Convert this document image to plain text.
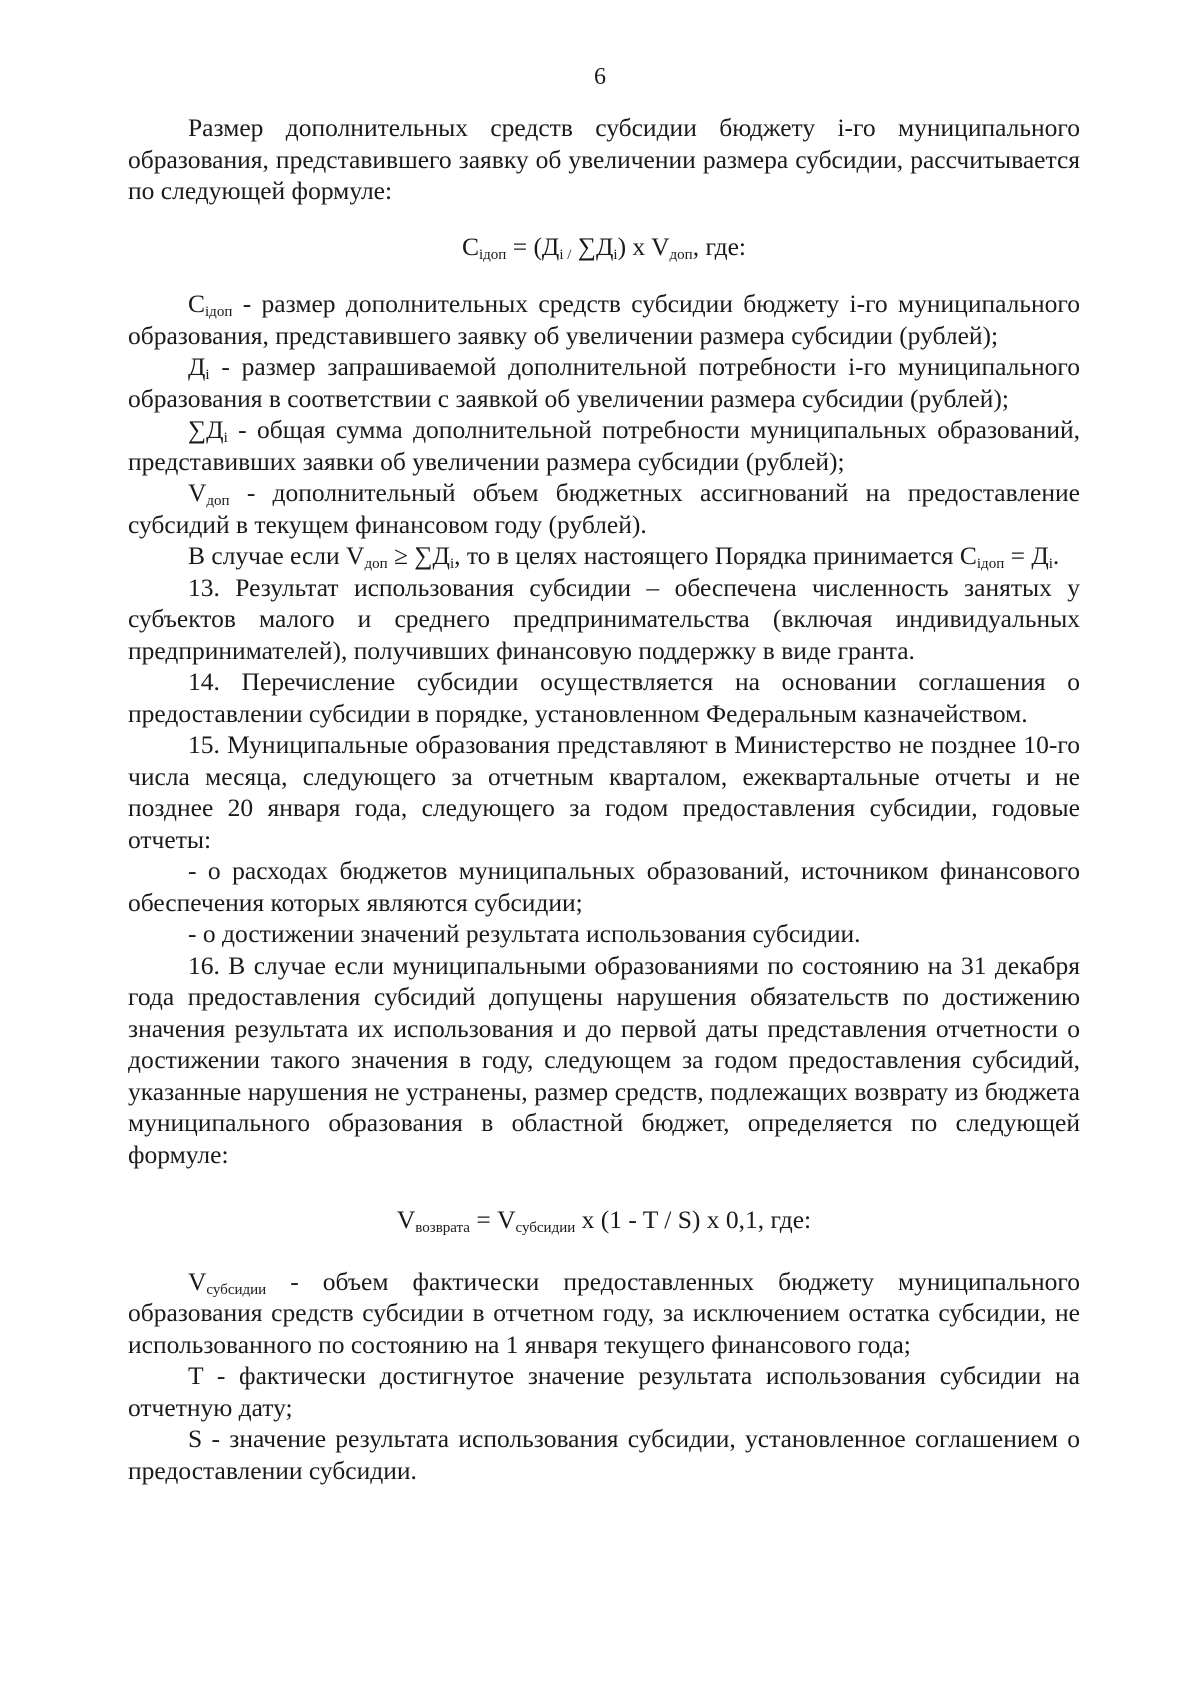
6

Размер дополнительных средств субсидии бюджету i-го муниципального образования, представившего заявку об увеличении размера субсидии, рассчитывается по следующей формуле:

$C_{iдоп} = (Д_{i /}$ $\sum Д_i$) x $V_{доп}$, где:

$C_{iдоп}$ - размер дополнительных средств субсидии бюджету i-го муниципального образования, представившего заявку об увеличении размера субсидии (рублей);

$Д_i$ - размер запрашиваемой дополнительной потребности i-го муниципального образования в соответствии с заявкой об увеличении размера субсидии (рублей);

$\sum Д_i$ - общая сумма дополнительной потребности муниципальных образований, представивших заявки об увеличении размера субсидии (рублей);

$V_{доп}$ - дополнительный объем бюджетных ассигнований на предоставление субсидий в текущем финансовом году (рублей).

В случае если $V_{доп} \ge \sum Д_i$, то в целях настоящего Порядка принимается $C_{iдоп} = Д_i$.

13. Результат использования субсидии – обеспечена численность занятых у субъектов малого и среднего предпринимательства (включая индивидуальных предпринимателей), получивших финансовую поддержку в виде гранта.

14. Перечисление субсидии осуществляется на основании соглашения о предоставлении субсидии в порядке, установленном Федеральным казначейством.

15. Муниципальные образования представляют в Министерство не позднее 10-го числа месяца, следующего за отчетным кварталом, ежеквартальные отчеты и не позднее 20 января года, следующего за годом предоставления субсидии, годовые отчеты:

- о расходах бюджетов муниципальных образований, источником финансового обеспечения которых являются субсидии;

- о достижении значений результата использования субсидии.

16. В случае если муниципальными образованиями по состоянию на 31 декабря года предоставления субсидий допущены нарушения обязательств по достижению значения результата их использования и до первой даты представления отчетности о достижении такого значения в году, следующем за годом предоставления субсидий, указанные нарушения не устранены, размер средств, подлежащих возврату из бюджета муниципального образования в областной бюджет, определяется по следующей формуле:

$V_{возврата} = V_{субсидии}$ x (1 - T / S) x 0,1, где:

$V_{субсидии}$ - объем фактически предоставленных бюджету муниципального образования средств субсидии в отчетном году, за исключением остатка субсидии, не использованного по состоянию на 1 января текущего финансового года;

T - фактически достигнутое значение результата использования субсидии на отчетную дату;

S - значение результата использования субсидии, установленное соглашением о предоставлении субсидии.
